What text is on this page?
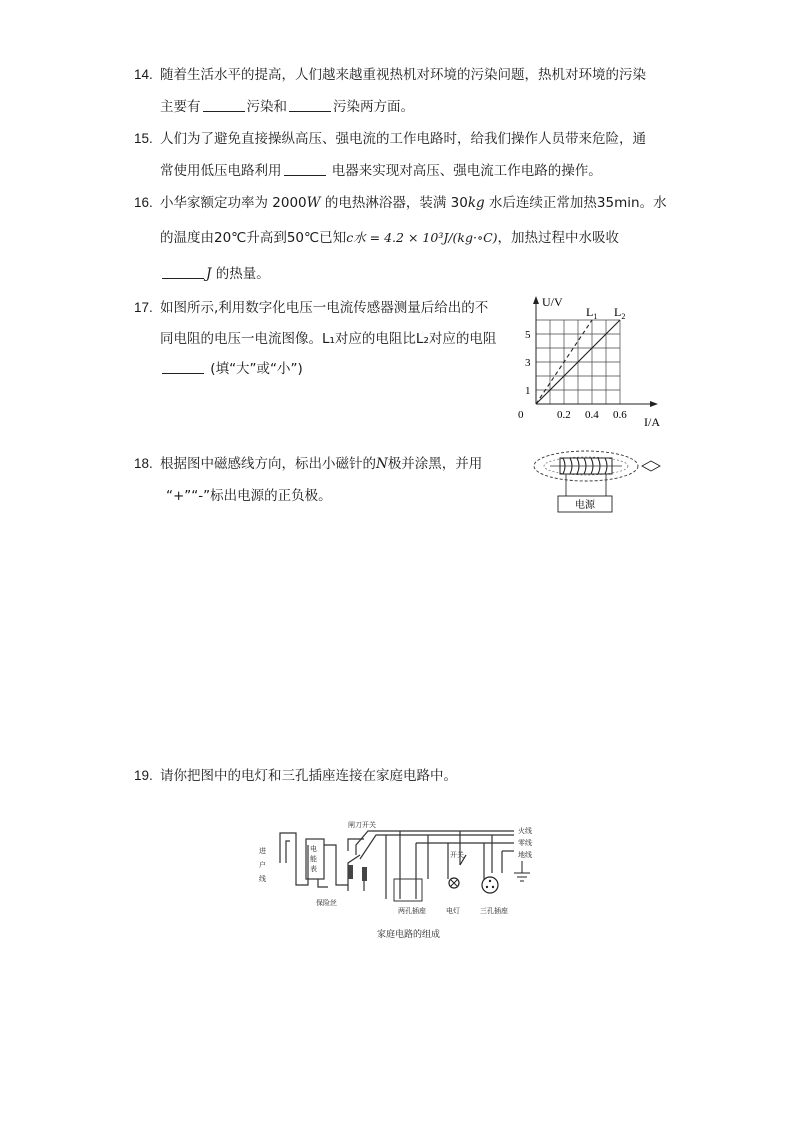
14. 随着生活水平的提高，人们越来越重视热机对环境的污染问题，热机对环境的污染
主要有	污染和	污染两方面。
15. 人们为了避免直接操纵高压、强电流的工作电路时，给我们操作人员带来危险，通
常使用低压电路利用	电器来实现对高压、强电流工作电路的操作。
16. 小华家额定功率为 2000W 的电热淋浴器，装满 30kg 水后连续正常加热35min。水
的温度由20℃升高到50℃已知c水 = 4.2 × 10³J/(kg·∘C)，加热过程中水吸收
J 的热量。
17. 如图所示,利用数字化电压一电流传感器测量后给出的不
同电阻的电压一电流图像。L₁对应的电阻比L₂对应的电阻
(填“大”或“小”)
$L_1$ $L_2$
0	0.2 0.4 0.6
1
3
5
I/A
U/V
18. 根据图中磁感线方向，标出小磁针的N极并涂黑，并用
“+”“-”标出电源的正负极。
电源
19. 请你把图中的电灯和三孔插座连接在家庭电路中。
闸刀开关
火线
零线
地线
进
户
线
电
能
表
保险丝
两孔插座	电灯	三孔插座
开关
家庭电路的组成
